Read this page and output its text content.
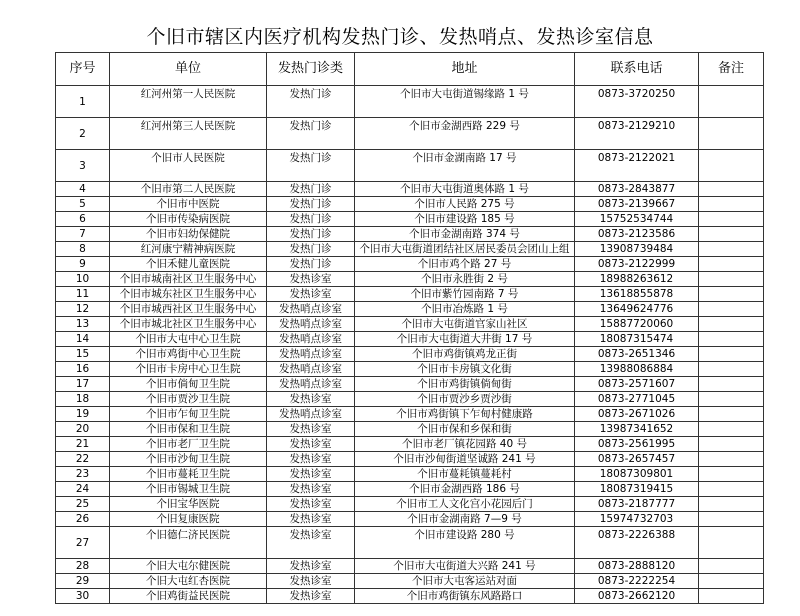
个旧市辖区内医疗机构发热门诊、发热哨点、发热诊室信息
序号	单位	发热门诊类	地址	联系电话	备注
1	红河州第一人民医院	发热门诊	个旧市大屯街道锡缘路 1 号	0873-3720250	
2	红河州第三人民医院	发热门诊	个旧市金湖西路 229 号	0873-2129210	
3	个旧市人民医院	发热门诊	个旧市金湖南路 17 号	0873-2122021	
4	个旧市第二人民医院	发热门诊	个旧市大屯街道奥体路 1 号	0873-2843877	
5	个旧市中医院	发热门诊	个旧市人民路 275 号	0873-2139667	
6	个旧市传染病医院	发热门诊	个旧市建设路 185 号	15752534744	
7	个旧市妇幼保健院	发热门诊	个旧市金湖南路 374 号	0873-2123586	
8	红河康宁精神病医院	发热门诊	个旧市大屯街道团结社区居民委员会团山上组	13908739484	
9	个旧禾健儿童医院	发热门诊	个旧市鸡个路 27 号	0873-2122999	
10	个旧市城南社区卫生服务中心	发热诊室	个旧市永胜街 2 号	18988263612	
11	个旧市城东社区卫生服务中心	发热诊室	个旧市紫竹园南路 7 号	13618855878	
12	个旧市城西社区卫生服务中心	发热哨点诊室	个旧市冶炼路 1 号	13649624776	
13	个旧市城北社区卫生服务中心	发热哨点诊室	个旧市大屯街道官家山社区	15887720060	
14	个旧市大屯中心卫生院	发热哨点诊室	个旧市大屯街道大井街 17 号	18087315474	
15	个旧市鸡街中心卫生院	发热哨点诊室	个旧市鸡街镇鸡龙正街	0873-2651346	
16	个旧市卡房中心卫生院	发热哨点诊室	个旧市卡房镇文化街	13988086884	
17	个旧市倘甸卫生院	发热哨点诊室	个旧市鸡街镇倘甸街	0873-2571607	
18	个旧市贾沙卫生院	发热诊室	个旧市贾沙乡贾沙街	0873-2771045	
19	个旧市乍甸卫生院	发热哨点诊室	个旧市鸡街镇下乍甸村健康路	0873-2671026	
20	个旧市保和卫生院	发热诊室	个旧市保和乡保和街	13987341652	
21	个旧市老厂卫生院	发热诊室	个旧市老厂镇花园路 40 号	0873-2561995	
22	个旧市沙甸卫生院	发热诊室	个旧市沙甸街道坚诚路 241 号	0873-2657457	
23	个旧市蔓耗卫生院	发热诊室	个旧市蔓耗镇蔓耗村	18087309801	
24	个旧市锡城卫生院	发热诊室	个旧市金湖西路 186 号	18087319415	
25	个旧宝华医院	发热诊室	个旧市工人文化宫小花园后门	0873-2187777	
26	个旧复康医院	发热诊室	个旧市金湖南路 7—9 号	15974732703	
27	个旧德仁济民医院	发热诊室	个旧市建设路 280 号	0873-2226388	
28	个旧大屯尔健医院	发热诊室	个旧市大屯街道大兴路 241 号	0873-2888120	
29	个旧大屯红杏医院	发热诊室	个旧市大屯客运站对面	0873-2222254	
30	个旧鸡街益民医院	发热诊室	个旧市鸡街镇东风路路口	0873-2662120	
